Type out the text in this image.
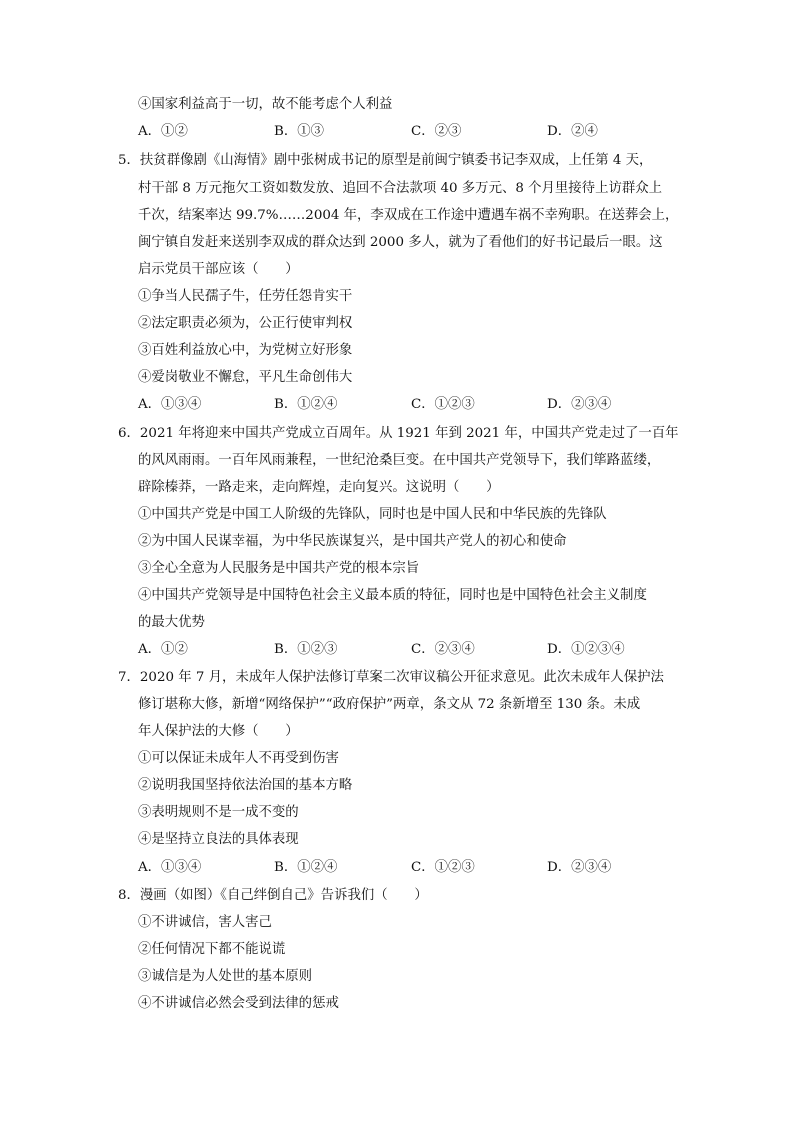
④国家利益高于一切，故不能考虑个人利益
A．①②	B．①③	C．②③	D．②④
5．扶贫群像剧《山海情》剧中张树成书记的原型是前闽宁镇委书记李双成，上任第 4 天，
村干部 8 万元拖欠工资如数发放、追回不合法款项 40 多万元、8 个月里接待上访群众上
千次，结案率达 99.7%……2004 年，李双成在工作途中遭遇车祸不幸殉职。在送葬会上，
闽宁镇自发赶来送别李双成的群众达到 2000 多人，就为了看他们的好书记最后一眼。这
启示党员干部应该（　　）
①争当人民孺子牛，任劳任怨肯实干
②法定职责必须为，公正行使审判权
③百姓利益放心中，为党树立好形象
④爱岗敬业不懈怠，平凡生命创伟大
A．①③④	B．①②④	C．①②③	D．②③④
6．2021 年将迎来中国共产党成立百周年。从 1921 年到 2021 年，中国共产党走过了一百年
的风风雨雨。一百年风雨兼程，一世纪沧桑巨变。在中国共产党领导下，我们筚路蓝缕，
辟除榛莽，一路走来，走向辉煌，走向复兴。这说明（　　）
①中国共产党是中国工人阶级的先锋队，同时也是中国人民和中华民族的先锋队
②为中国人民谋幸福，为中华民族谋复兴，是中国共产党人的初心和使命
③全心全意为人民服务是中国共产党的根本宗旨
④中国共产党领导是中国特色社会主义最本质的特征，同时也是中国特色社会主义制度
的最大优势
A．①②	B．①②③	C．②③④	D．①②③④
7．2020 年 7 月，未成年人保护法修订草案二次审议稿公开征求意见。此次未成年人保护法
修订堪称大修，新增“网络保护”“政府保护”两章，条文从 72 条新增至 130 条。未成
年人保护法的大修（　　）
①可以保证未成年人不再受到伤害
②说明我国坚持依法治国的基本方略
③表明规则不是一成不变的
④是坚持立良法的具体表现
A．①③④	B．①②④	C．①②③	D．②③④
8．漫画（如图）《自己绊倒自己》告诉我们（　　）
①不讲诚信，害人害己
②任何情况下都不能说谎
③诚信是为人处世的基本原则
④不讲诚信必然会受到法律的惩戒
